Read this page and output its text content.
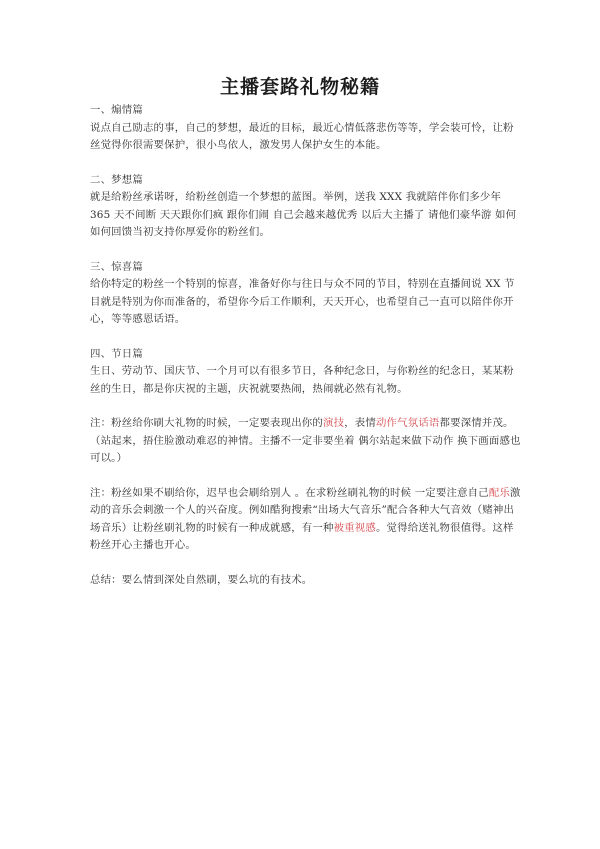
主播套路礼物秘籍
一、煽情篇
说点自己励志的事，自己的梦想，最近的目标，最近心情低落悲伤等等，学会装可怜，让粉丝觉得你很需要保护，很小鸟依人，激发男人保护女生的本能。
二、梦想篇
就是给粉丝承诺呀，给粉丝创造一个梦想的蓝图。举例，送我 XXX 我就陪伴你们多少年 365 天不间断 天天跟你们疯 跟你们闹 自己会越来越优秀 以后大主播了 请他们豪华游 如何如何回馈当初支持你厚爱你的粉丝们。
三、惊喜篇
给你特定的粉丝一个特别的惊喜，准备好你与往日与众不同的节目，特别在直播间说 XX 节目就是特别为你而准备的，希望你今后工作顺利，天天开心，也希望自己一直可以陪伴你开心，等等感恩话语。
四、节日篇
生日、劳动节、国庆节、一个月可以有很多节日，各种纪念日，与你粉丝的纪念日，某某粉丝的生日，都是你庆祝的主题，庆祝就要热闹，热闹就必然有礼物。
注：粉丝给你刷大礼物的时候，一定要表现出你的演技，表情动作气氛话语都要深情并茂。（站起来，捂住脸激动难忍的神情。主播不一定非要坐着 偶尔站起来做下动作 换下画面感也可以。）
注：粉丝如果不刷给你，迟早也会刷给别人 。在求粉丝刷礼物的时候 一定要注意自己配乐激动的音乐会刺激一个人的兴奋度。例如酷狗搜索“出场大气音乐”配合各种大气音效（赌神出场音乐）让粉丝刷礼物的时候有一种成就感，有一种被重视感。觉得给送礼物很值得。这样粉丝开心主播也开心。
总结：要么情到深处自然刷，要么坑的有技术。
